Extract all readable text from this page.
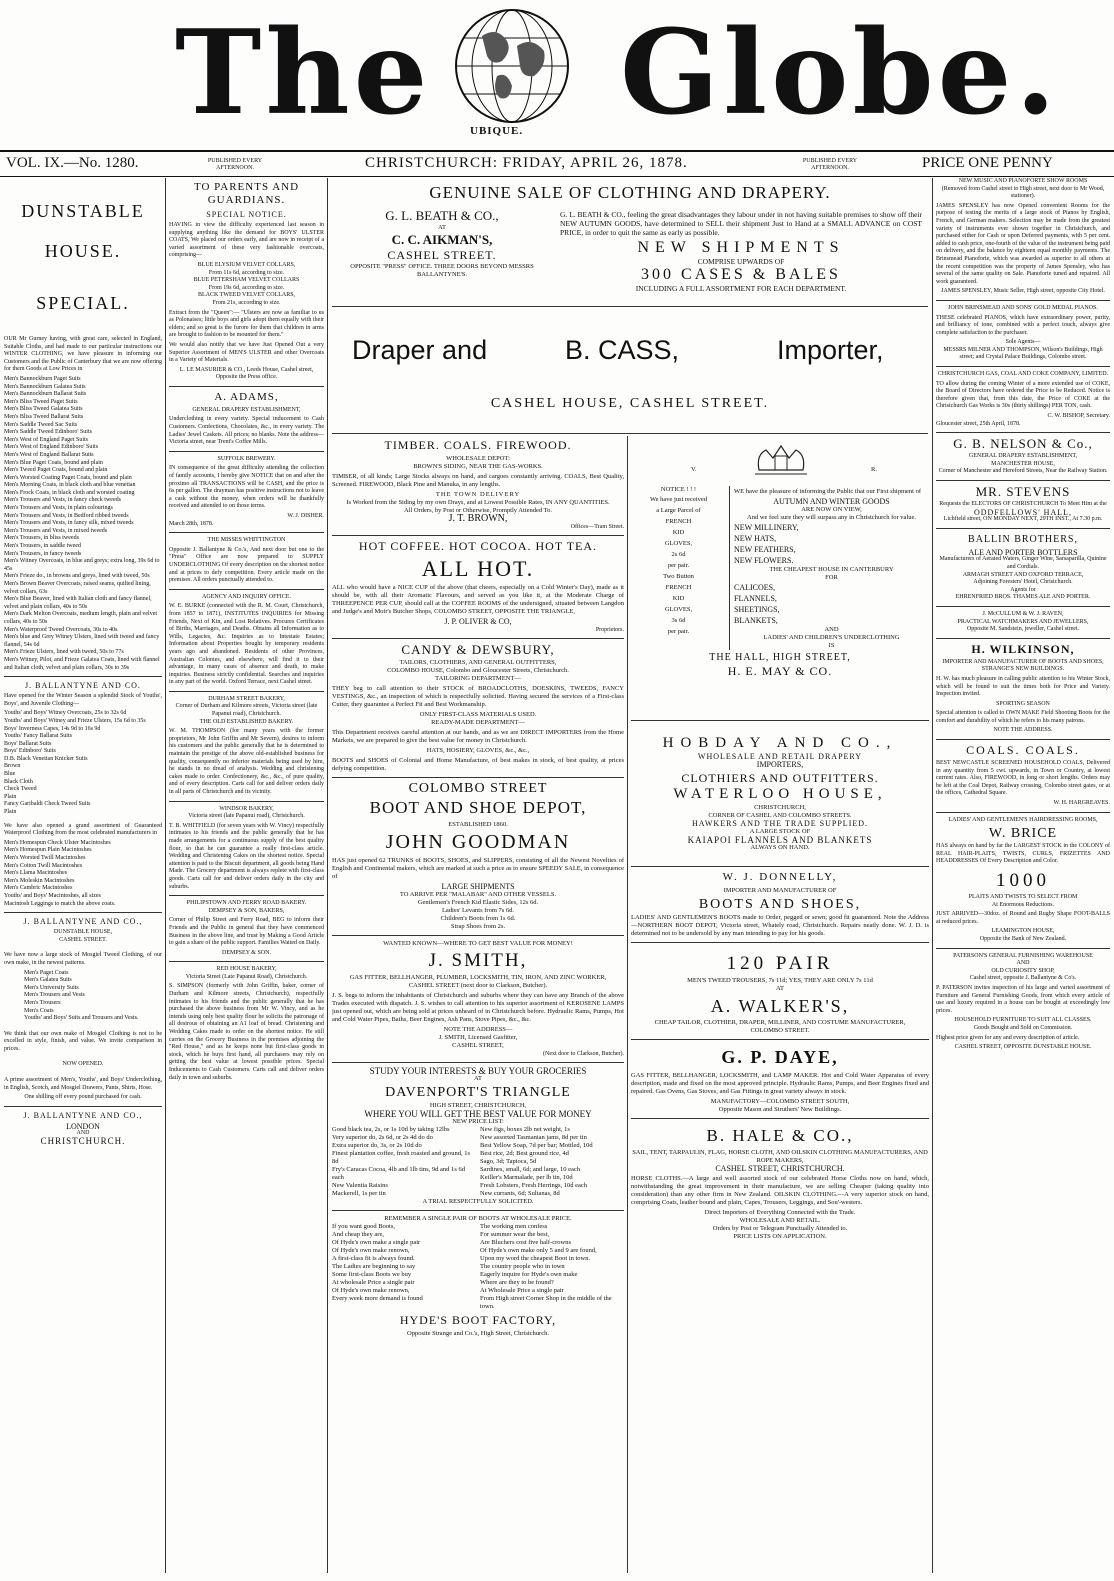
The	UBIQUE. Globe.
VOL. IX.—No. 1280.	PUBLISHED EVERY AFTERNOON.	CHRISTCHURCH: FRIDAY, APRIL 26, 1878.	PUBLISHED EVERY AFTERNOON.	PRICE ONE PENNY
DUNSTABLE
HOUSE.
SPECIAL.
OUR Mr Gurney having, with great care, selected in England, Suitable Cloths, and had made to our particular instructions our WINTER CLOTHING, we have pleasure in informing our Customers and the Public of Canterbury that we are now offering for them Goods at Low Prices in
Men's Bannockburn Paget Suits
Men's Bannockburn Galatea Suits
Men's Bannockburn Ballarat Suits
Men's Bliss Tweed Paget Suits
Men's Bliss Tweed Galatea Suits
Men's Bliss Tweed Ballarat Suits
Men's Saddle Tweed Sac Suits
Men's Saddle Tweed Edinboro' Suits
Men's West of England Paget Suits
Men's West of England Edinboro' Suits
Men's West of England Ballarat Suits
Men's Blue Paget Coats, bound and plain
Men's Tweed Paget Coats, bound and plain
Men's Worsted Coating Paget Coats, bound and plain
Men's Morning Coats, in black cloth and blue venetian
Men's Frock Coats, in black cloth and worsted coating
Men's Trousers and Vests, in fancy check tweeds
Men's Trousers and Vests, in plain colourings
Men's Trousers and Vests, in Bedford ribbed tweeds
Men's Trousers and Vests, in fancy silk, mixed tweeds
Men's Trousers and Vests, in mixed tweeds
Men's Trousers, in bliss tweeds
Men's Trousers, in saddle tweed
Men's Trousers, in fancy tweeds
Men's Witney Overcoats, in blue and greys; extra long, 39s 6d to 45s
Men's Frieze do., in browns and greys, lined with tweed, 50s
Men's Brown Beaver Overcoats, raised seams, quilted lining, velvet collars, 63s
Men's Blue Beaver, lined with Italian cloth and fancy flannel, velvet and plain collars, 40s to 50s
Men's Dark Melton Overcoats, medium length, plain and velvet collars, 40s to 50s
Men's Waterproof Tweed Overcoats, 30s to 40s
Men's blue and Grey Witney Ulsters, lined with tweed and fancy flannel, 54s 6d
Men's Frieze Ulsters, lined with tweed, 50s to 77s
Men's Witney, Pilot, and Frieze Galatea Coats, lined with flannel and Italian cloth, velvet and plain collars, 30s to 39s
J. BALLANTYNE AND CO.
Have opened for the Winter Season a splendid Stock of Youths', Boys', and Juvenile Clothing—
Youths' and Boys' Witney Overcoats, 25s to 32s 6d
Youths' and Boys' Witney and Frieze Ulsters, 15s 6d to 35s
Boys' Inverness Capes, 14s 9d to 16s 9d
Youths' Fancy Ballarat Suits
Boys' Ballarat Suits
Boys' Edinboro' Suits
D.B. Black Venetian Knicker Suits
Brown
Blue
Black Cloth
Check Tweed
Plain
Fancy Garibaldi Check Tweed Suits
Plain
We have also opened a grand assortment of Guaranteed Waterproof Clothing from the most celebrated manufacturers in
Men's Homespun Check Ulster Macintoshes
Men's Homespun Plain Macintoshes
Men's Worsted Twill Macintoshes
Men's Cotton Twill Macintoshes
Men's Llama Macintoshes
Men's Moleskin Macintoshes
Men's Cambric Macintoshes
Youths' and Boys' Macintoshes, all sizes
Macintosh Leggings to match the above coats.
J. BALLANTYNE AND CO.,
DUNSTABLE HOUSE,
CASHEL STREET.
We have now a large stock of Mosgiel Tweed Clothing, of our own make, in the newest patterns.
Men's Paget Coats
Men's Galatea Suits
Men's University Suits
Men's Trousers and Vests
Men's Trousers
Men's Coats
Youths' and Boys' Suits and Trousers and Vests.
We think that our own make of Mosgiel Clothing is not to be excelled in style, finish, and value. We invite comparison in prices.
NOW OPENED.
A prime assortment of Men's, Youths', and Boys' Underclothing, in English, Scotch, and Mosgiel Drawers, Pants, Shirts, Hose.
One shilling off every pound purchased for cash.
J. BALLANTYNE AND CO.,
LONDON
AND
CHRISTCHURCH.
TO PARENTS AND GUARDIANS.
SPECIAL NOTICE.
HAVING in view the difficulty experienced last season in supplying anything like the demand for BOYS' ULSTER COATS, We placed our orders early, and are now in receipt of a varied assortment of these very fashionable overcoats, comprising—
BLUE ELYSIUM VELVET COLLARS,
From 11s 6d, according to size.
BLUE PETERSHAM VELVET COLLARS
From 19s 6d, according to size.
BLACK TWEED VELVET COLLARS,
From 21s, according to size.
Extract from the "Queen":— "Ulsters are now as familiar to us as Polonaises; little boys and girls adopt them equally with their elders; and so great is the furore for them that children in arms are brought to fashion to be mounted for them."
We would also notify that we have Just Opened Out a very Superior Assortment of MEN'S ULSTER and other Overcoats in a Variety of Materials.
L. LE MASURIER & CO., Leeds House, Cashel street, Opposite the Press office.
A. ADAMS,
GENERAL DRAPERY ESTABLISHMENT,
Underclothing in every variety. Special inducement to Cash Customers. Confections, Chocolates, &c., in every variety. The Ladies' Jewel Caskets. All prices; no blanks. Note the address—Victoria street, near Trent's Coffee Mills.
SUFFOLK BREWERY.
IN consequence of the great difficulty attending the collection of family accounts, I hereby give NOTICE that on and after the proximo all TRANSACTIONS will be CASH, and the price is 6s per gallon. The drayman has positive instructions not to leave a cask without the money, when orders will be thankfully received and attended to on those terms.
W. J. DISHER.
March 28th, 1878.
THE MISSES WHITTINGTON
Opposite J. Ballantyne & Co.'s, And next door but one to the "Press" Office are now prepared to SUPPLY UNDERCLOTHING Of every description on the shortest notice and at prices to defy competition. Every article made on the premises. All orders punctually attended to.
AGENCY AND INQUIRY OFFICE.
W. E. BURKE (connected with the R. M. Court, Christchurch, from 1857 to 1871), INSTITUTES INQUIRIES for Missing Friends, Next of Kin, and Lost Relatives. Procures Certificates of Births, Marriages, and Deaths. Obtains all Information as to Wills, Legacies, &c. Inquiries as to Intestate Estates; Information about Properties bought by temporary residents years ago and abandoned. Residents of other Provinces, Australian Colonies, and elsewhere, will find it to their advantage, in many cases of absence and death, to make inquiries. Business strictly confidential. Searches and inquiries in any part of the world. Oxford Terrace, next Cashel street.
DURHAM STREET BAKERY,
Corner of Durham and Kilmore streets, Victoria street (late Papanui road), Christchurch.
THE OLD ESTABLISHED BAKERY.
W. M. THOMPSON (for many years with the former proprietors, Mr John Griffin and Mr Severn), desires to inform his customers and the public generally that he is determined to maintain the prestige of the above old-established business for quality, consequently no inferior materials being used by him, he stands in no dread of analysis. Wedding and christening cakes made to order. Confectionery, &c., &c., of pure quality, and of every description. Carts call for and deliver orders daily in all parts of Christchurch and its vicinity.
WINDSOR BAKERY,
Victoria street (late Papanui road), Christchurch.
T. B. WHITFIELD (for seven years with W. Vincy) respectfully intimates to his friends and the public generally that he has made arrangements for a continuous supply of the best quality flour, so that he can guarantee a really first-class article. Wedding and Christening Cakes on the shortest notice. Special attention is paid to the Biscuit department, all goods being Hand Made. The Grocery department is always replete with first-class goods. Carts call for and deliver orders daily in the city and suburbs.
PHILIPSTOWN AND FERRY ROAD BAKERY.
DEMPSEY & SON, BAKERS,
Corner of Philip Street and Ferry Road, BEG to inform their Friends and the Public in general that they have commenced Business in the above line, and trust by Making a Good Article to gain a share of the public support. Families Waited on Daily.
DEMPSEY & SON.
RED HOUSE BAKERY,
Victoria Street (Late Papanui Road), Christchurch.
S. SIMPSON (formerly with John Griffin, baker, corner of Durham and Kilmore streets, Christchurch), respectfully intimates to his friends and the public generally that he has purchased the above business from Mr W. Vincy, and as he intends using only best quality flour he solicits the patronage of all desirous of obtaining an A1 loaf of bread. Christening and Wedding Cakes made to order on the shortest notice. He still carries on the Grocery Business in the premises adjoining the "Red House," and as he keeps none but first-class goods in stock, which he buys first hand, all purchasers may rely on getting the best value at lowest possible prices. Special Inducements to Cash Customers. Carts call and deliver orders daily in town and suburbs.
GENUINE SALE OF CLOTHING AND DRAPERY.
G. L. BEATH & CO.,
AT
C. C. AIKMAN'S,
CASHEL STREET.
OPPOSITE "PRESS" OFFICE. THREE DOORS BEYOND MESSRS BALLANTYNE'S.
G. L. BEATH & CO., feeling the great disadvantages they labour under in not having suitable premises to show off their NEW AUTUMN GOODS, have determined to SELL their shipment Just to Hand at a SMALL ADVANCE on COST PRICE, in order to quit the same as early as possible.
NEW SHIPMENTS
COMPRISE UPWARDS OF
300 CASES & BALES
INCLUDING A FULL ASSORTMENT FOR EACH DEPARTMENT.
Draper and	B. CASS,	Importer,
CASHEL HOUSE, CASHEL STREET.
TIMBER. COALS. FIREWOOD.
WHOLESALE DEPOT:
BROWN'S SIDING, NEAR THE GAS-WORKS.
TIMBER, of all kinds; Large Stocks always on hand, and cargoes constantly arriving. COALS, Best Quality, Screened. FIREWOOD, Black Pine and Manuka, in any lengths.
THE TOWN DELIVERY
Is Worked from the Siding by my own Drays, and at Lowest Possible Rates, IN ANY QUANTITIES.
All Orders, by Post or Otherwise, Promptly Attended To.
J. T. BROWN,
Offices—Tram Street.
HOT COFFEE. HOT COCOA. HOT TEA.
ALL HOT.
ALL who would have a NICE CUP of the above (that cheers, especially on a Cold Winter's Day), made as it should be, with all their Aromatic Flavours, and served as you like it, at the Moderate Charge of THREEPENCE PER CUP, should call at the COFFEE ROOMS of the undersigned, situated between Langdon and Judge's and Moir's Butcher Shops, COLOMBO STREET, OPPOSITE THE TRIANGLE,
J. P. OLIVER & CO,
Proprietors.
CANDY & DEWSBURY,
TAILORS, CLOTHIERS, AND GENERAL OUTFITTERS,
COLOMBO HOUSE, Colombo and Gloucester Streets, Christchurch.
TAILORING DEPARTMENT—
THEY beg to call attention to their STOCK of BROADCLOTHS, DOESKINS, TWEEDS, FANCY VESTINGS, &c., an inspection of which is respectfully solicited. Having secured the services of a First-class Cutter, they guarantee a Perfect Fit and Best Workmanship.
ONLY FIRST-CLASS MATERIALS USED.
READY-MADE DEPARTMENT—
This Department receives careful attention at our hands, and as we are DIRECT IMPORTERS from the Home Markets, we are prepared to give the best value for money in Christchurch.
HATS, HOSIERY, GLOVES, &c., &c.,
BOOTS and SHOES of Colonial and Home Manufacture, of best makes in stock, of best quality, at prices defying competition.
COLOMBO STREET
BOOT AND SHOE DEPOT,
ESTABLISHED 1860.
JOHN GOODMAN
HAS just opened 62 TRUNKS of BOOTS, SHOES, and SLIPPERS, consisting of all the Newest Novelties of English and Continental makers, which are marked at such a price as to ensure SPEEDY SALE, in consequence of
LARGE SHIPMENTS
TO ARRIVE PER "MALABAR" AND OTHER VESSELS.
Gentlemen's French Kid Elastic Sides, 12s 6d.
Ladies' Levants from 7s 6d.
Children's Boots from 1s 6d.
Strap Shoes from 2s.
WANTED KNOWN—WHERE TO GET BEST VALUE FOR MONEY!
J. SMITH,
GAS FITTER, BELLHANGER, PLUMBER, LOCKSMITH, TIN, IRON, AND ZINC WORKER,
CASHEL STREET (next door to Clarkson, Butcher).
J. S. begs to inform the inhabitants of Christchurch and suburbs where they can have any Branch of the above Trades executed with dispatch. J. S. wishes to call attention to his superior assortment of KEROSENE LAMPS just opened out, which are being sold at prices unheard of in Christchurch before. Hydraulic Rams, Pumps, Hot and Cold Water Pipes, Baths, Beer Engines, Ash Pans, Stove Pipes, &c., &c.
NOTE THE ADDRESS—
J. SMITH, Licensed Gasfitter,
CASHEL STREET,
(Next door to Clarkson, Butcher).
STUDY YOUR INTERESTS & BUY YOUR GROCERIES
AT
DAVENPORT'S TRIANGLE
HIGH STREET, CHRISTCHURCH,
WHERE YOU WILL GET THE BEST VALUE FOR MONEY
NEW PRICE LIST:
Good black tea, 2s, or 1s 10d by taking 12lbs
Very superior do, 2s 6d, or 2s 4d do do
Extra superior do, 3s, or 2s 10d do
Finest plantation coffee, fresh roasted and ground, 1s 8d
Fry's Caracas Cocoa, 4lb and 1lb tins, 9d and 1s 6d each
New Valentia Raisins
Mackerell, 1s per tin
New figs, boxes 2lb net weight, 1s
New assorted Tasmanian jams, 8d per tin
Best Yellow Soap, 7d per bar; Mottled, 10d
Best rice, 2d; Best ground rice, 4d
Sago, 3d; Tapioca, 5d
Sardines, small, 6d; and large, 10 each
Keiller's Marmalade, per lb tin, 10d
Fresh Lobsters, Fresh Herrings, 10d each
New currants, 6d; Sultanas, 8d
A TRIAL RESPECTFULLY SOLICITED.
REMEMBER A SINGLE PAIR OF BOOTS AT WHOLESALE PRICE.
If you want good Boots,
And cheap they are,
Of Hyde's own make a single pair
Of Hyde's own make renown,
A first-class fit is always found.
The Ladies are beginning to say
Some first-class Boots we buy
At wholesale Price a single pair
Of Hyde's own make renown,
Every week more demand is found
The working men confess
For summer wear the best,
Are Bluchers cost five half-crowns
Of Hyde's own make only 5 and 9 are found,
Upon my word the cheapest Boot in town.
The country people who in town
Eagerly inquire for Hyde's own make
Where are they to be found?
At Wholesale Price a single pair
From High street Corner Shop in the middle of the town.
HYDE'S BOOT FACTORY,
Opposite Strange and Co.'s, High Street, Christchurch.
V.	R.
NOTICE ! ! !
We have just received
a Large Parcel of
FRENCH
KID
GLOVES,
2s 6d
per pair.
Two Button
FRENCH
KID
GLOVES,
3s 6d
per pair.
WE have the pleasure of informing the Public that our First shipment of
AUTUMN AND WINTER GOODS
ARE NOW ON VIEW,
And we feel sure they will surpass any in Christchurch for value.
NEW MILLINERY,
NEW HATS,
NEW FEATHERS,
NEW FLOWERS.
THE CHEAPEST HOUSE IN CANTERBURY
FOR
CALICOES,
FLANNELS,
SHEETINGS,
BLANKETS,
AND
LADIES' AND CHILDREN'S UNDERCLOTHING
IS
THE HALL, HIGH STREET,
H. E. MAY & CO.
HOBDAY AND CO.,
WHOLESALE AND RETAIL DRAPERY
IMPORTERS,
CLOTHIERS AND OUTFITTERS.
WATERLOO HOUSE,
CHRISTCHURCH,
CORNER OF CASHEL AND COLOMBO STREETS.
HAWKERS AND THE TRADE SUPPLIED.
A LARGE STOCK OF
KAIAPOI FLANNELS AND BLANKETS
ALWAYS ON HAND.
W. J. DONNELLY,
IMPORTER AND MANUFACTURER OF
BOOTS AND SHOES,
LADIES' AND GENTLEMEN'S BOOTS made to Order, pegged or sewn; good fit guaranteed. Note the Address—NORTHERN BOOT DEPOT, Victoria street, Whately road, Christchurch. Repairs neatly done. W. J. D. is determined not to be undersold by any man intending to pay for his goods.
120 PAIR
MEN'S TWEED TROUSERS, 7s 11d; YES, THEY ARE ONLY 7s 11d
AT
A. WALKER'S,
CHEAP TAILOR, CLOTHIER, DRAPER, MILLINER, AND COSTUME MANUFACTURER,
COLOMBO STREET.
G. P. DAYE,
GAS FITTER, BELLHANGER, LOCKSMITH, and LAMP MAKER. Hot and Cold Water Apparatus of every description, made and fixed on the most approved principle. Hydraulic Rams, Pumps, and Beer Engines fixed and repaired. Gas Ovens, Gas Stoves, and Gas Fittings in great variety always in stock.
MANUFACTORY—COLOMBO STREET SOUTH,
Opposite Mason and Struthers' New Buildings.
B. HALE & CO.,
SAIL, TENT, TARPAULIN, FLAG, HORSE CLOTH, AND OILSKIN CLOTHING MANUFACTURERS, AND ROPE MAKERS,
CASHEL STREET, CHRISTCHURCH.
HORSE CLOTHS.—A large and well assorted stock of our celebrated Horse Cloths now on hand, which, notwithstanding the great improvement in their manufacture, we are selling Cheaper (taking quality into consideration) than any other firm in New Zealand. OILSKIN CLOTHING.—A very superior stock on hand, comprising Coats, leather bound and plain, Capes, Trousers, Leggings, and Sou'-westers.
Direct Importers of Everything Connected with the Trade.
WHOLESALE AND RETAIL.
Orders by Post or Telegram Punctually Attended to.
PRICE LISTS ON APPLICATION.
NEW MUSIC AND PIANOFORTE SHOW ROOMS
(Removed from Cashel street to High street, next door to Mr Wood, stationer).
JAMES SPENSLEY has now Opened convenient Rooms for the purpose of testing the merits of a large stock of Pianos by English, French, and German makers. Selection may be made from the greatest variety of instruments ever shown together in Christchurch, and purchased either for Cash or upon Deferred payments, with 5 per cent. added to cash price, one-fourth of the value of the instrument being paid on delivery, and the balance by eighteen equal monthly payments. The Brinsmead Pianoforte, which was awarded as superior to all others at the recent competition was the property of James Spensley, who has several of the same quality on Sale. Pianoforte tuned and repaired. All work guaranteed.
JAMES SPENSLEY, Music Seller, High street, opposite City Hotel.
JOHN BRINSMEAD AND SONS' GOLD MEDAL PIANOS.
THESE celebrated PIANOS, which have extraordinary power, purity, and brilliancy of tone, combined with a perfect touch, always give complete satisfaction to the purchaser.
Sole Agents—
MESSRS MILNER AND THOMPSON, Wilson's Buildings, High street; and Crystal Palace Buildings, Colombo street.
CHRISTCHURCH GAS, COAL AND COKE COMPANY, LIMITED.
TO allow during the coming Winter of a more extended use of COKE, the Board of Directors have ordered the Price to be Reduced. Notice is therefore given that, from this date, the Price of COKE at the Christchurch Gas Works is 30s (thirty shillings) PER TON, cash.
C. W. BISHOP, Secretary.
Gloucester street, 25th April, 1878.
G. B. NELSON & Co.,
GENERAL DRAPERY ESTABLISHMENT,
MANCHESTER HOUSE,
Corner of Manchester and Hereford Streets, Near the Railway Station.
MR. STEVENS
Requests the ELECTORS OF CHRISTCHURCH To Meet Him at the
ODDFELLOWS' HALL,
Lichfield street, ON MONDAY NEXT, 29TH INST., At 7.30 p.m.
BALLIN BROTHERS,
ALE AND PORTER BOTTLERS
Manufacturers of Aerated Waters, Ginger Wine, Sarsaparilla, Quinine and Cordials.
ARMAGH STREET AND OXFORD TERRACE,
Adjoining Foresters' Hotel, Christchurch.
Agents for
EHRENFRIED BROS. THAMES ALE AND PORTER.
J. McCULLUM & W. J. RAVEN,
PRACTICAL WATCHMAKERS AND JEWELLERS,
Opposite M. Sandstein, jeweller, Cashel street.
H. WILKINSON,
IMPORTER AND MANUFACTURER OF BOOTS AND SHOES,
STRANGE'S NEW BUILDINGS.
H. W. has much pleasure in calling public attention to his Winter Stock, which will be found to suit the times both for Price and Variety. Inspection invited.
SPORTING SEASON
Special attention is called to OWN MAKE Field Shooting Boots for the comfort and durability of which he refers to his many patrons.
NOTE THE ADDRESS.
COALS. COALS.
BEST NEWCASTLE SCREENED HOUSEHOLD COALS, Delivered in any quantity from 5 cwt. upwards, in Town or Country, at lowest current rates. Also, FIREWOOD, in long or short lengths. Orders may be left at the Coal Depot, Railway crossing, Colombo street gates, or at the offices, Cathedral Square.
W. H. HARGREAVES.
LADIES' AND GENTLEMEN'S HAIRDRESSING ROOMS,
W. BRICE
HAS always on hand by far the LARGEST STOCK in the COLONY of REAL HAIR-PLAITS, TWISTS, CURLS, FRIZETTES AND HEADDRESSES Of Every Description and Color.
1000
PLAITS AND TWISTS TO SELECT FROM
At Enormous Reductions.
JUST ARRIVED—30doz. of Round and Rugby Shape FOOT-BALLS at reduced prices.
LEAMINGTON HOUSE,
Opposite the Bank of New Zealand.
PATERSON'S GENERAL FURNISHING WAREHOUSE
AND
OLD CURIOSITY SHOP,
Cashel street, opposite J. Ballantyne & Co's.
P. PATERSON invites inspection of his large and varied assortment of Furniture and General Furnishing Goods, from which every article of use and luxury required in a house can be bought at exceedingly low prices.
HOUSEHOLD FURNITURE TO SUIT ALL CLASSES.
Goods Bought and Sold on Commission.
Highest price given for any and every description of article.
CASHEL STREET, OPPOSITE DUNSTABLE HOUSE.
